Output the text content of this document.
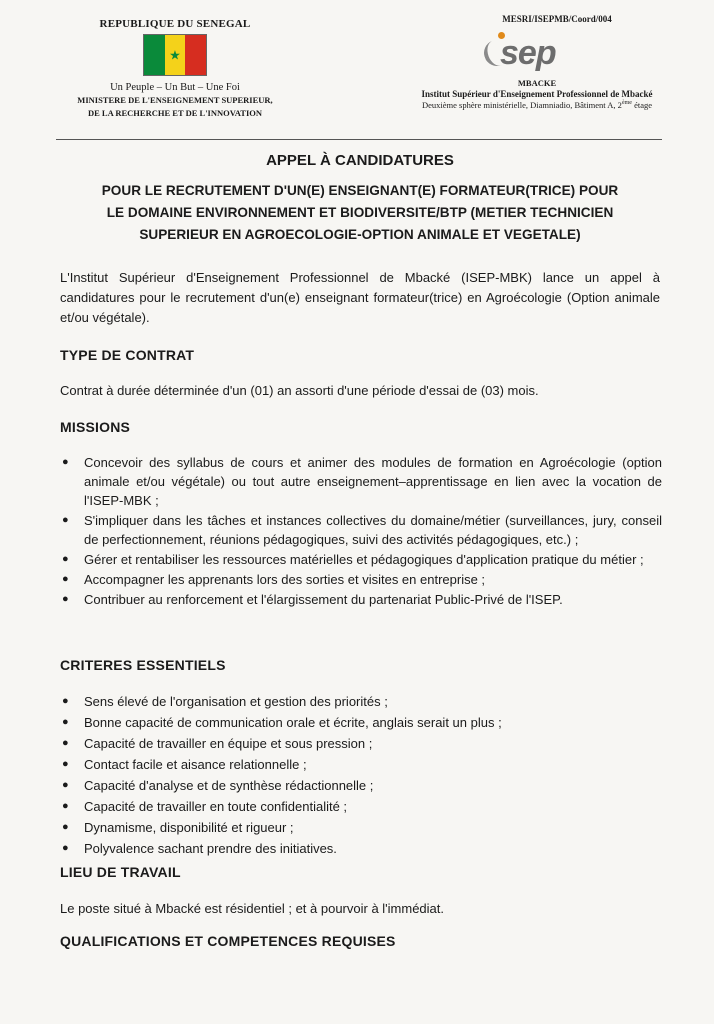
REPUBLIQUE DU SENEGAL
★
Un Peuple – Un But – Une Foi
MINISTERE DE L'ENSEIGNEMENT SUPERIEUR,
DE LA RECHERCHE ET DE L'INNOVATION
MESRI/ISEPMB/Coord/004
sep
MBACKE
Institut Supérieur d'Enseignement Professionnel de Mbacké
Deuxième sphère ministérielle, Diamniadio, Bâtiment A, 2ème étage
APPEL À CANDIDATURES
POUR LE RECRUTEMENT D'UN(E) ENSEIGNANT(E) FORMATEUR(TRICE) POUR
LE DOMAINE ENVIRONNEMENT ET BIODIVERSITE/BTP (METIER TECHNICIEN
SUPERIEUR EN AGROECOLOGIE-OPTION ANIMALE ET VEGETALE)
L'Institut Supérieur d'Enseignement Professionnel de Mbacké (ISEP-MBK) lance un appel à candidatures pour le recrutement d'un(e) enseignant formateur(trice) en Agroécologie (Option animale et/ou végétale).
TYPE DE CONTRAT
Contrat à durée déterminée d'un (01) an assorti d'une période d'essai de (03) mois.
MISSIONS
● Concevoir des syllabus de cours et animer des modules de formation en Agroécologie (option animale et/ou végétale) ou tout autre enseignement–apprentissage en lien avec la vocation de l'ISEP-MBK ;
● S'impliquer dans les tâches et instances collectives du domaine/métier (surveillances, jury, conseil de perfectionnement, réunions pédagogiques, suivi des activités pédagogiques, etc.) ;
● Gérer et rentabiliser les ressources matérielles et pédagogiques d'application pratique du métier ;
● Accompagner les apprenants lors des sorties et visites en entreprise ;
● Contribuer au renforcement et l'élargissement du partenariat Public-Privé de l'ISEP.
CRITERES ESSENTIELS
● Sens élevé de l'organisation et gestion des priorités ;
● Bonne capacité de communication orale et écrite, anglais serait un plus ;
● Capacité de travailler en équipe et sous pression ;
● Contact facile et aisance relationnelle ;
● Capacité d'analyse et de synthèse rédactionnelle ;
● Capacité de travailler en toute confidentialité ;
● Dynamisme, disponibilité et rigueur ;
● Polyvalence sachant prendre des initiatives.
LIEU DE TRAVAIL
Le poste situé à Mbacké est résidentiel ; et à pourvoir à l'immédiat.
QUALIFICATIONS ET COMPETENCES REQUISES
